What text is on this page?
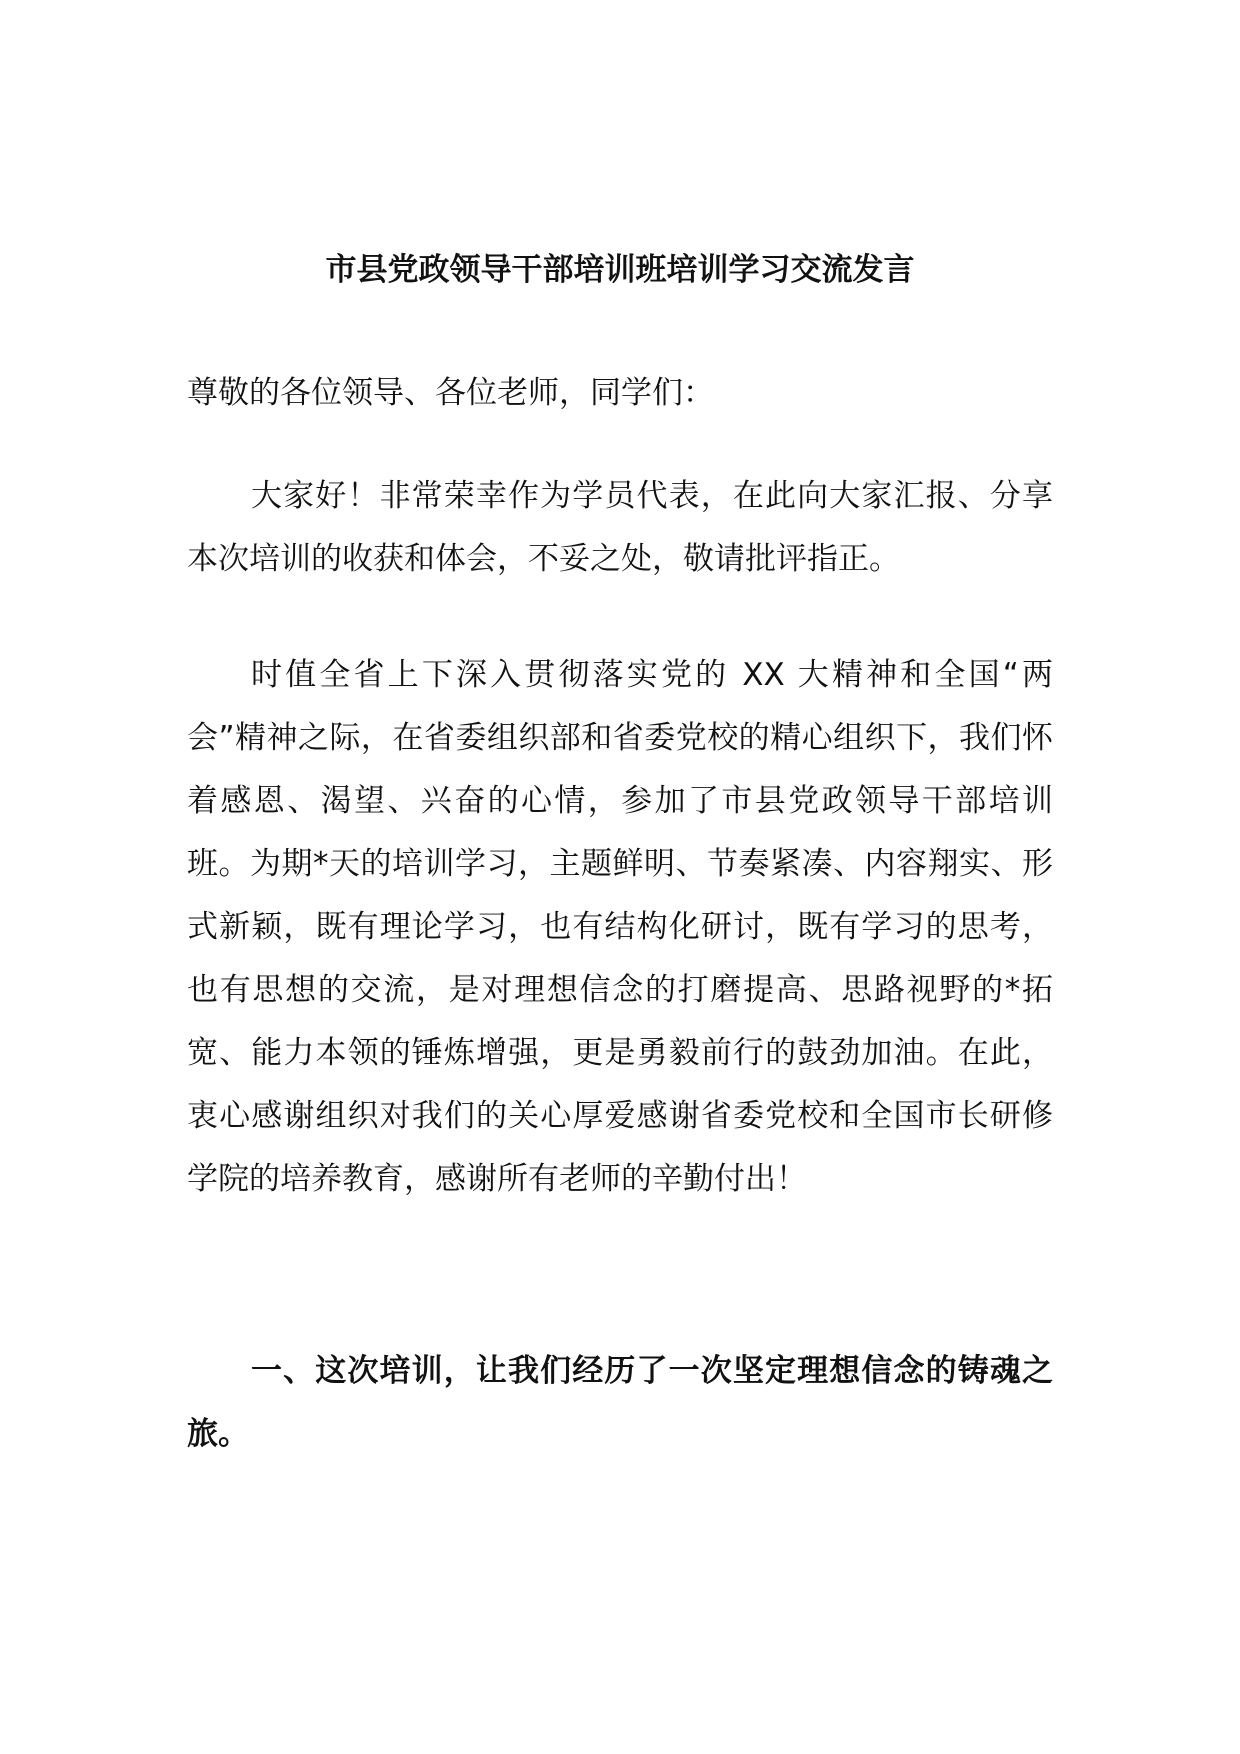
市县党政领导干部培训班培训学习交流发言

尊敬的各位领导、各位老师，同学们：

大家好！非常荣幸作为学员代表，在此向大家汇报、分享本次培训的收获和体会，不妥之处，敬请批评指正。

时值全省上下深入贯彻落实党的 XX 大精神和全国“两会”精神之际，在省委组织部和省委党校的精心组织下，我们怀着感恩、渴望、兴奋的心情，参加了市县党政领导干部培训班。为期*天的培训学习，主题鲜明、节奏紧凑、内容翔实、形式新颖，既有理论学习，也有结构化研讨，既有学习的思考，也有思想的交流，是对理想信念的打磨提高、思路视野的*拓宽、能力本领的锤炼增强，更是勇毅前行的鼓劲加油。在此，衷心感谢组织对我们的关心厚爱感谢省委党校和全国市长研修学院的培养教育，感谢所有老师的辛勤付出！

一、这次培训，让我们经历了一次坚定理想信念的铸魂之旅。
